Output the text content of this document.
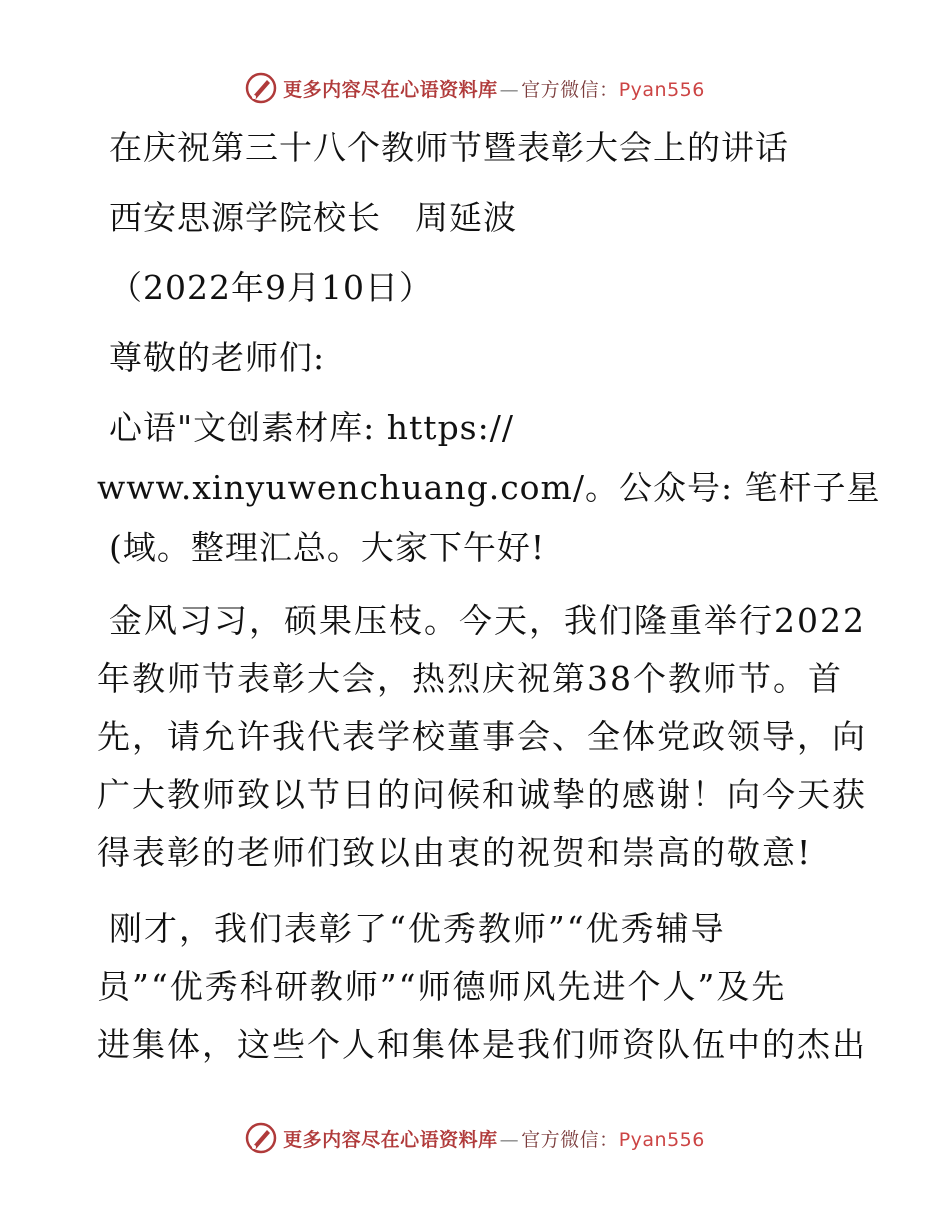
更多内容尽在心语资料库 — 官方微信：Pyan556
在庆祝第三十八个教师节暨表彰大会上的讲话
西安思源学院校长　周延波
（2022年9月10日）
尊敬的老师们:
心语"文创素材库: https://
www.xinyuwenchuang.com/。公众号: 笔杆子星
(域。整理汇总。大家下午好!
金风习习，硕果压枝。今天，我们隆重举行2022
年教师节表彰大会，热烈庆祝第38个教师节。首
先，请允许我代表学校董事会、全体党政领导，向
广大教师致以节日的问候和诚挚的感谢！向今天获
得表彰的老师们致以由衷的祝贺和崇高的敬意!
刚才，我们表彰了“优秀教师”“优秀辅导
员”“优秀科研教师”“师德师风先进个人”及先
进集体，这些个人和集体是我们师资队伍中的杰出
更多内容尽在心语资料库 — 官方微信：Pyan556
